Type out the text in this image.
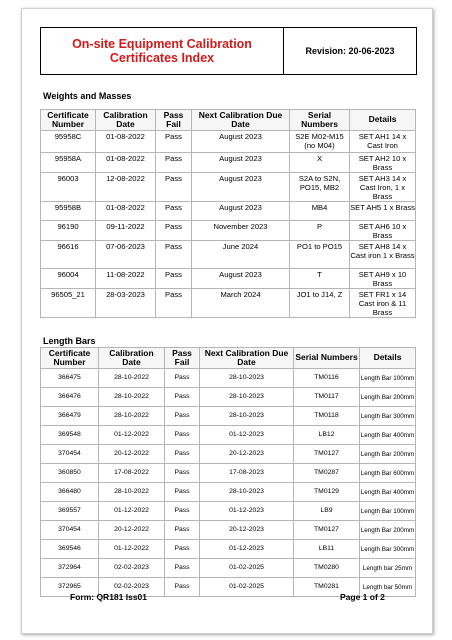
On-site Equipment Calibration Certificates Index	Revision: 20-06-2023
Weights and Masses
Certificate Number	Calibration Date	Pass Fail	Next Calibration Due Date	Serial Numbers	Details
95958C	01-08-2022	Pass	August 2023	S2E M02-M15 (no M04)	SET AH1 14 x Cast Iron
95958A	01-08-2022	Pass	August 2023	X	SET AH2 10 x Brass
96003	12-08-2022	Pass	August 2023	S2A to S2N, PO15, MB2	SET AH3 14 x Cast Iron, 1 x Brass
95958B	01-08-2022	Pass	August 2023	MB4	SET AH5 1 x Brass
96190	09-11-2022	Pass	November 2023	P	SET AH6 10 x Brass
96616	07-06-2023	Pass	June 2024	PO1 to PO15	SET AH8 14 x Cast iron 1 x Brass
96004	11-08-2022	Pass	August 2023	T	SET AH9 x 10 Brass
96505_21	28-03-2023	Pass	March 2024	JO1 to J14, Z	SET FR1 x 14 Cast iron & 11 Brass
Length Bars
Certificate Number	Calibration Date	Pass Fail	Next Calibration Due Date	Serial Numbers	Details
366475	28-10-2022	Pass	28-10-2023	TM0116	Length Bar 100mm
366476	28-10-2022	Pass	28-10-2023	TM0117	Length Bar 200mm
366479	28-10-2022	Pass	28-10-2023	TM0118	Length Bar 300mm
369548	01-12-2022	Pass	01-12-2023	LB12	Length Bar 400mm
370454	20-12-2022	Pass	20-12-2023	TM0127	Length Bar 200mm
360850	17-08-2022	Pass	17-08-2023	TM0287	Length Bar 600mm
366480	28-10-2022	Pass	28-10-2023	TM0129	Length Bar 400mm
369557	01-12-2022	Pass	01-12-2023	LB9	Length Bar 100mm
370454	20-12-2022	Pass	20-12-2023	TM0127	Length Bar 200mm
369546	01-12-2022	Pass	01-12-2023	LB11	Length Bar 300mm
372964	02-02-2023	Pass	01-02-2025	TM0280	Length bar 25mm
372965	02-02-2023	Pass	01-02-2025	TM0281	Length bar 50mm
Form: QR181 Iss01	Page 1 of 2
